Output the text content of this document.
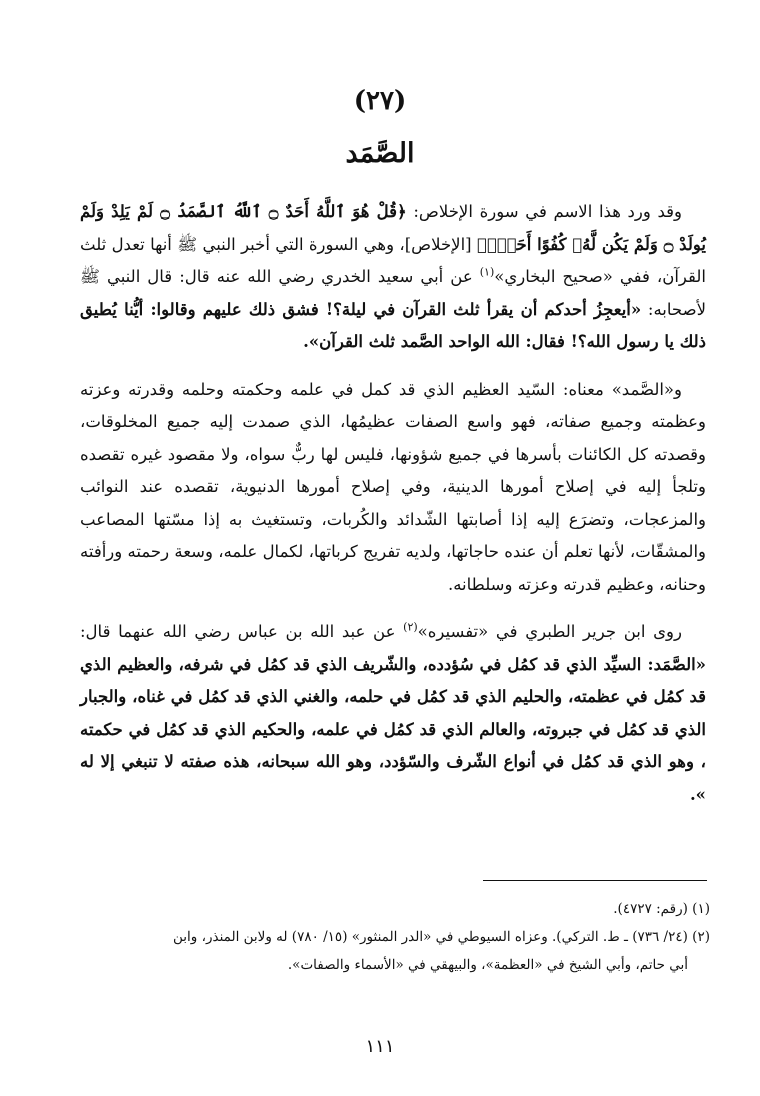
(٢٧)
الصَّمَد

وقد ورد هذا الاسم في سورة الإخلاص: ﴿قُلْ هُوَ ٱللَّهُ أَحَدٌ ۝ ٱللَّهُ ٱلصَّمَدُ ۝ لَمْ يَلِدْ وَلَمْ يُولَدْ ۝ وَلَمْ يَكُن لَّهُۥ كُفُوًا أَحَدٌۢ﴾ [الإخلاص]، وهي السورة التي أخبر النبي ﷺ أنها تعدل ثلث القرآن، ففي «صحيح البخاري»$^{(١)}$ عن أبي سعيد الخدري رضي الله عنه قال: قال النبي ﷺ لأصحابه: «أيعجِزُ أحدكم أن يقرأ ثلث القرآن في ليلة؟! فشق ذلك عليهم وقالوا: أيُّنا يُطيق ذلك يا رسول الله؟! فقال: الله الواحد الصَّمد ثلث القرآن».

و«الصَّمد» معناه: السّيد العظيم الذي قد كمل في علمه وحكمته وحلمه وقدرته وعزته وعظمته وجميع صفاته، فهو واسع الصفات عظيمُها، الذي صمدت إليه جميع المخلوقات، وقصدته كل الكائنات بأسرها في جميع شؤونها، فليس لها ربٌّ سواه، ولا مقصود غيره تقصده وتلجأ إليه في إصلاح أمورها الدينية، وفي إصلاح أمورها الدنيوية، تقصده عند النوائب والمزعجات، وتضرَع إليه إذا أصابتها الشّدائد والكُربات، وتستغيث به إذا مسّتها المصاعب والمشقّات، لأنها تعلم أن عنده حاجاتها، ولديه تفريج كرباتها، لكمال علمه، وسعة رحمته ورأفته وحنانه، وعظيم قدرته وعزته وسلطانه.

روى ابن جرير الطبري في «تفسيره»$^{(٢)}$ عن عبد الله بن عباس رضي الله عنهما قال: «الصَّمَد: السيِّد الذي قد كمُل في سُؤدده، والشّريف الذي قد كمُل في شرفه، والعظيم الذي قد كمُل في عظمته، والحليم الذي قد كمُل في حلمه، والغني الذي قد كمُل في غناه، والجبار الذي قد كمُل في جبروته، والعالم الذي قد كمُل في علمه، والحكيم الذي قد كمُل في حكمته ، وهو الذي قد كمُل في أنواع الشّرف والسّؤدد، وهو الله سبحانه، هذه صفته لا تنبغي إلا له ».

(١) (رقم: ٤٧٢٧).

(٢) (٢٤/ ٧٣٦) ـ ط. التركي). وعزاه السيوطي في «الدر المنثور» (١٥/ ٧٨٠) له ولابن المنذر، وابن

أبي حاتم، وأبي الشيخ في «العظمة»، والبيهقي في «الأسماء والصفات».

١١١
